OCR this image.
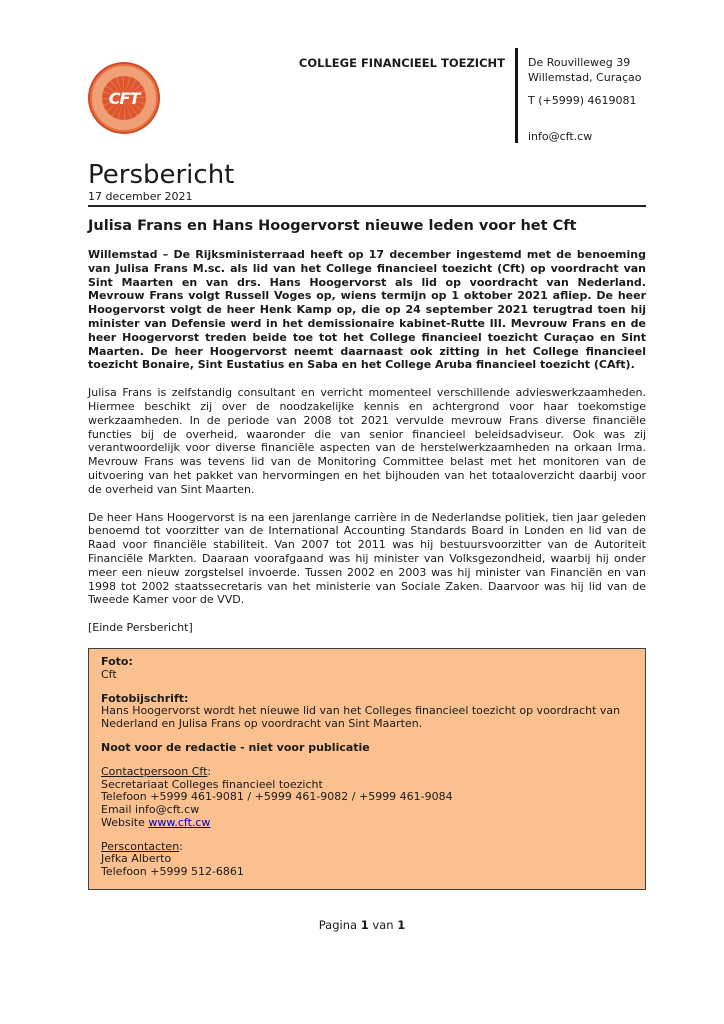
CFT
COLLEGE FINANCIEEL TOEZICHT De Rouvilleweg 39
Willemstad, Curaçao
T (+5999) 4619081
info@cft.cw
Persbericht
17 december 2021
Julisa Frans en Hans Hoogervorst nieuwe leden voor het Cft

Willemstad – De Rijksministerraad heeft op 17 december ingestemd met de benoeming van Julisa Frans M.sc. als lid van het College financieel toezicht (Cft) op voordracht van Sint Maarten en van drs. Hans Hoogervorst als lid op voordracht van Nederland. Mevrouw Frans volgt Russell Voges op, wiens termijn op 1 oktober 2021 afliep. De heer Hoogervorst volgt de heer Henk Kamp op, die op 24 september 2021 terugtrad toen hij minister van Defensie werd in het demissionaire kabinet-Rutte III. Mevrouw Frans en de heer Hoogervorst treden beide toe tot het College financieel toezicht Curaçao en Sint Maarten. De heer Hoogervorst neemt daarnaast ook zitting in het College financieel toezicht Bonaire, Sint Eustatius en Saba en het College Aruba financieel toezicht (CAft).

Julisa Frans is zelfstandig consultant en verricht momenteel verschillende advieswerkzaamheden. Hiermee beschikt zij over de noodzakelijke kennis en achtergrond voor haar toekomstige werkzaamheden. In de periode van 2008 tot 2021 vervulde mevrouw Frans diverse financiële functies bij de overheid, waaronder die van senior financieel beleidsadviseur. Ook was zij verantwoordelijk voor diverse financiële aspecten van de herstelwerkzaamheden na orkaan Irma. Mevrouw Frans was tevens lid van de Monitoring Committee belast met het monitoren van de uitvoering van het pakket van hervormingen en het bijhouden van het totaaloverzicht daarbij voor de overheid van Sint Maarten.

De heer Hans Hoogervorst is na een jarenlange carrière in de Nederlandse politiek, tien jaar geleden benoemd tot voorzitter van de International Accounting Standards Board in Londen en lid van de Raad voor financiële stabiliteit. Van 2007 tot 2011 was hij bestuursvoorzitter van de Autoriteit Financiële Markten. Daaraan voorafgaand was hij minister van Volksgezondheid, waarbij hij onder meer een nieuw zorgstelsel invoerde. Tussen 2002 en 2003 was hij minister van Financiën en van 1998 tot 2002 staatssecretaris van het ministerie van Sociale Zaken. Daarvoor was hij lid van de Tweede Kamer voor de VVD.

[Einde Persbericht]

Foto:
Cft
Fotobijschrift:
Hans Hoogervorst wordt het nieuwe lid van het Colleges financieel toezicht op voordracht van Nederland en Julisa Frans op voordracht van Sint Maarten.
Noot voor de redactie - niet voor publicatie
Contactpersoon Cft:
Secretariaat Colleges financieel toezicht
Telefoon +5999 461-9081 / +5999 461-9082 / +5999 461-9084
Email info@cft.cw
Website www.cft.cw
Perscontacten:
Jefka Alberto
Telefoon +5999 512-6861
Pagina 1 van 1
